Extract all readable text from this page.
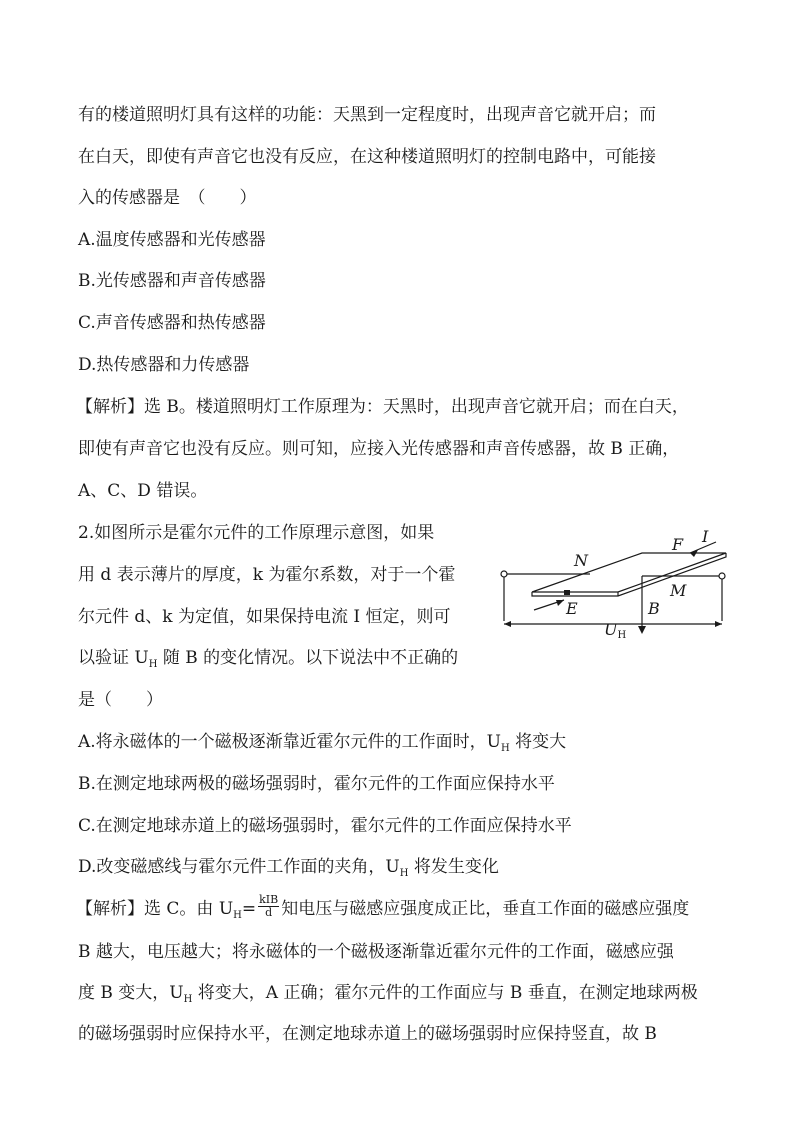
有的楼道照明灯具有这样的功能：天黑到一定程度时，出现声音它就开启；而
在白天，即使有声音它也没有反应，在这种楼道照明灯的控制电路中，可能接
入的传感器是　（　　）
A.温度传感器和光传感器
B.光传感器和声音传感器
C.声音传感器和热传感器
D.热传感器和力传感器
【解析】选 B。楼道照明灯工作原理为：天黑时，出现声音它就开启；而在白天，
即使有声音它也没有反应。则可知，应接入光传感器和声音传感器，故 B 正确，
A、C、D 错误。
2.如图所示是霍尔元件的工作原理示意图，如果
用 d 表示薄片的厚度，k 为霍尔系数，对于一个霍
尔元件 d、k 为定值，如果保持电流 I 恒定，则可
以验证 $U_H$ 随 B 的变化情况。以下说法中不正确的
是（　　）
N
F I
M
E	B
UH
A.将永磁体的一个磁极逐渐靠近霍尔元件的工作面时，$U_H$ 将变大
B.在测定地球两极的磁场强弱时，霍尔元件的工作面应保持水平
C.在测定地球赤道上的磁场强弱时，霍尔元件的工作面应保持水平
D.改变磁感线与霍尔元件工作面的夹角，$U_H$ 将发生变化
【解析】选 C。由 $U_H= \frac{\text{kIB}}{d}$ 知电压与磁感应强度成正比，垂直工作面的磁感应强度
B 越大，电压越大；将永磁体的一个磁极逐渐靠近霍尔元件的工作面，磁感应强
度 B 变大，$U_H$ 将变大，A 正确；霍尔元件的工作面应与 B 垂直，在测定地球两极
的磁场强弱时应保持水平，在测定地球赤道上的磁场强弱时应保持竖直，故 B
